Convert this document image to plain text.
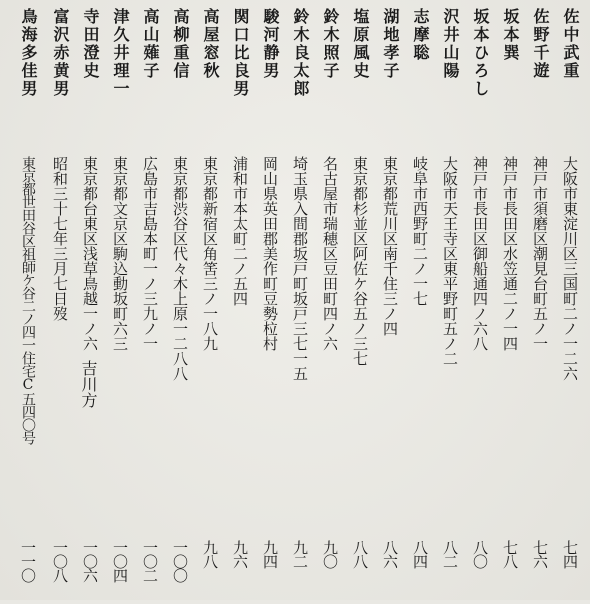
佐中武重
大阪市東淀川区三国町二ノ一二六
七四
佐野千遊
神戸市須磨区潮見台町五ノ一
七六
坂本巽
神戸市長田区水笠通二ノ一四
七八
坂本ひろし
神戸市長田区御船通四ノ六八
八〇
沢井山陽
大阪市天王寺区東平野町五ノ二
八二
志摩聡
岐阜市西野町二ノ一七
八四
湖地孝子
東京都荒川区南千住三ノ四
八六
塩原風史
東京都杉並区阿佐ケ谷五ノ三七
八八
鈴木照子
名古屋市瑞穂区豆田町四ノ六
九〇
鈴木良太郎
埼玉県入間郡坂戸町坂戸三七一五
九二
駿河静男
岡山県英田郡美作町豆勢柆村
九四
関口比良男
浦和市本太町二ノ五四
九六
高屋窓秋
東京都新宿区角筈三ノ一八九
九八
高柳重信
東京都渋谷区代々木上原一二八八
一〇〇
高山薙子
広島市吉島本町一ノ三九ノ一
一〇二
津久井理一
東京都文京区駒込動坂町六三
一〇四
寺田澄史
東京都台東区浅草鳥越一ノ六
吉川方
一〇六
富沢赤黄男
昭和三十七年三月七日歿
一〇八
鳥海多佳男
東京都世田谷区祖師ケ谷二ノ四一住宅C五四〇号
一一〇
